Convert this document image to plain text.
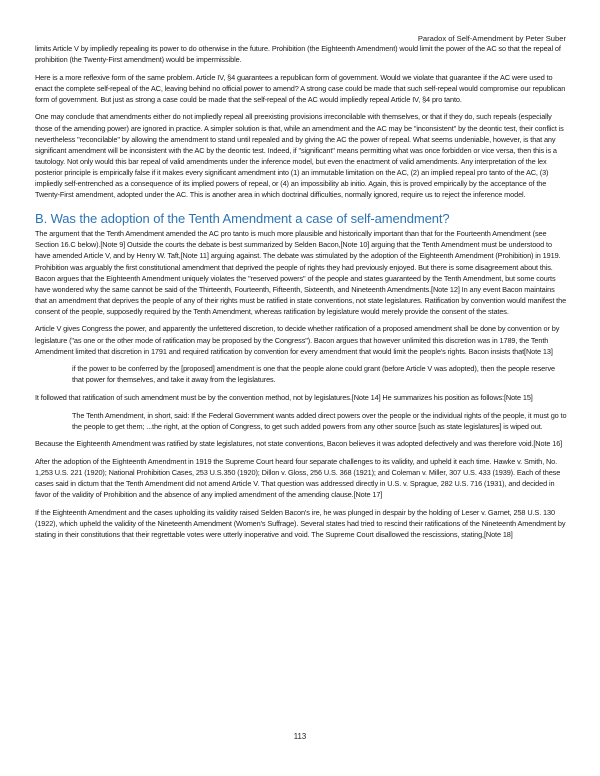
Paradox of Self-Amendment by Peter Suber

limits Article V by impliedly repealing its power to do otherwise in the future. Prohibition (the Eighteenth Amendment) would limit the power of the AC so that the repeal of prohibition (the Twenty-First amendment) would be impermissible.

Here is a more reflexive form of the same problem. Article IV, §4 guarantees a republican form of government. Would we violate that guarantee if the AC were used to enact the complete self-repeal of the AC, leaving behind no official power to amend? A strong case could be made that such self-repeal would compromise our republican form of government. But just as strong a case could be made that the self-repeal of the AC would impliedly repeal Article IV, §4 pro tanto.

One may conclude that amendments either do not impliedly repeal all preexisting provisions irreconcilable with themselves, or that if they do, such repeals (especially those of the amending power) are ignored in practice. A simpler solution is that, while an amendment and the AC may be "inconsistent" by the deontic test, their conflict is nevertheless "reconcilable" by allowing the amendment to stand until repealed and by giving the AC the power of repeal. What seems undeniable, however, is that any significant amendment will be inconsistent with the AC by the deontic test. Indeed, if "significant" means permitting what was once forbidden or vice versa, then this is a tautology. Not only would this bar repeal of valid amendments under the inference model, but even the enactment of valid amendments. Any interpretation of the lex posterior principle is empirically false if it makes every significant amendment into (1) an immutable limitation on the AC, (2) an implied repeal pro tanto of the AC, (3) impliedly self-entrenched as a consequence of its implied powers of repeal, or (4) an impossibility ab initio. Again, this is proved empirically by the acceptance of the Twenty-First amendment, adopted under the AC. This is another area in which doctrinal difficulties, normally ignored, require us to reject the inference model.

B. Was the adoption of the Tenth Amendment a case of self-amendment?

The argument that the Tenth Amendment amended the AC pro tanto is much more plausible and historically important than that for the Fourteenth Amendment (see Section 16.C below).[Note 9] Outside the courts the debate is best summarized by Selden Bacon,[Note 10] arguing that the Tenth Amendment must be understood to have amended Article V, and by Henry W. Taft,[Note 11] arguing against. The debate was stimulated by the adoption of the Eighteenth Amendment (Prohibition) in 1919. Prohibition was arguably the first constitutional amendment that deprived the people of rights they had previously enjoyed. But there is some disagreement about this. Bacon argues that the Eighteenth Amendment uniquely violates the "reserved powers" of the people and states guaranteed by the Tenth Amendment, but some courts have wondered why the same cannot be said of the Thirteenth, Fourteenth, Fifteenth, Sixteenth, and Nineteenth Amendments.[Note 12] In any event Bacon maintains that an amendment that deprives the people of any of their rights must be ratified in state conventions, not state legislatures. Ratification by convention would manifest the consent of the people, supposedly required by the Tenth Amendment, whereas ratification by legislature would merely provide the consent of the states.

Article V gives Congress the power, and apparently the unfettered discretion, to decide whether ratification of a proposed amendment shall be done by convention or by legislature ("as one or the other mode of ratification may be proposed by the Congress"). Bacon argues that however unlimited this discretion was in 1789, the Tenth Amendment limited that discretion in 1791 and required ratification by convention for every amendment that would limit the people's rights. Bacon insists that[Note 13]

if the power to be conferred by the [proposed] amendment is one that the people alone could grant (before Article V was adopted), then the people reserve that power for themselves, and take it away from the legislatures.

It followed that ratification of such amendment must be by the convention method, not by legislatures.[Note 14] He summarizes his position as follows:[Note 15]

The Tenth Amendment, in short, said: If the Federal Government wants added direct powers over the people or the individual rights of the people, it must go to the people to get them; ...the right, at the option of Congress, to get such added powers from any other source [such as state legislatures] is wiped out.

Because the Eighteenth Amendment was ratified by state legislatures, not state conventions, Bacon believes it was adopted defectively and was therefore void.[Note 16]

After the adoption of the Eighteenth Amendment in 1919 the Supreme Court heard four separate challenges to its validity, and upheld it each time. Hawke v. Smith, No. 1,253 U.S. 221 (1920); National Prohibition Cases, 253 U.S.350 (1920); Dillon v. Gloss, 256 U.S. 368 (1921); and Coleman v. Miller, 307 U.S. 433 (1939). Each of these cases said in dictum that the Tenth Amendment did not amend Article V. That question was addressed directly in U.S. v. Sprague, 282 U.S. 716 (1931), and decided in favor of the validity of Prohibition and the absence of any implied amendment of the amending clause.[Note 17]

If the Eighteenth Amendment and the cases upholding its validity raised Selden Bacon's ire, he was plunged in despair by the holding of Leser v. Garnet, 258 U.S. 130 (1922), which upheld the validity of the Nineteenth Amendment (Women's Suffrage). Several states had tried to rescind their ratifications of the Nineteenth Amendment by stating in their constitutions that their regrettable votes were utterly inoperative and void. The Supreme Court disallowed the rescissions, stating,[Note 18]

113
